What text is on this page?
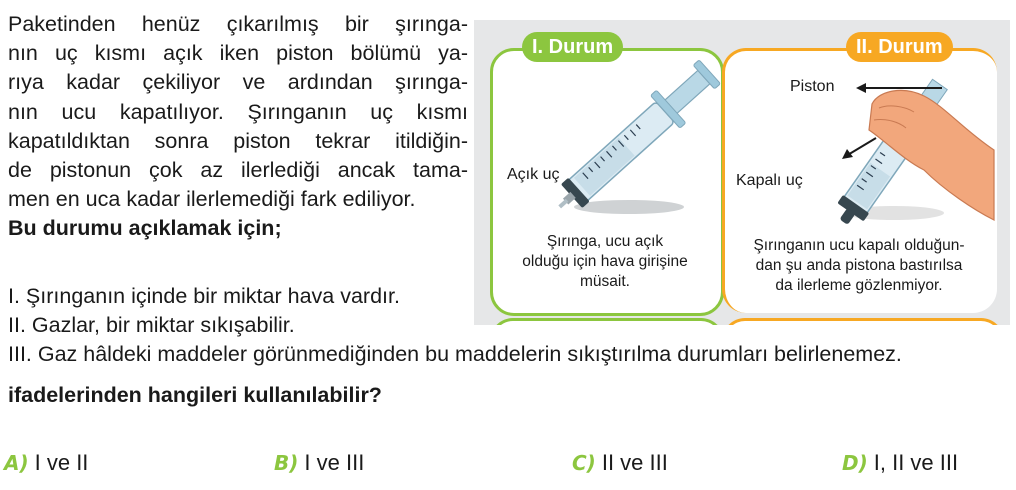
Paketinden henüz çıkarılmış bir şırınga-
nın uç kısmı açık iken piston bölümü ya-
rıya kadar çekiliyor ve ardından şırınga-
nın ucu kapatılıyor. Şırınganın uç kısmı
kapatıldıktan sonra piston tekrar itildiğin-
de pistonun çok az ilerlediği ancak tama-
men en uca kadar ilerlemediği fark ediliyor.
Bu durumu açıklamak için;
I. Şırınganın içinde bir miktar hava vardır.
II. Gazlar, bir miktar sıkışabilir.
III. Gaz hâldeki maddeler görünmediğinden bu maddelerin sıkıştırılma durumları belirlenemez.
ifadelerinden hangileri kullanılabilir?
A) I ve II	B) I ve III	C) II ve III	D) I, II ve III
I. Durum	II. Durum
Açık uç
Piston
Kapalı uç
Şırınga, ucu açık
olduğu için hava girişine
müsait.
Şırınganın ucu kapalı olduğun-
dan şu anda pistona bastırılsa
da ilerleme gözlenmiyor.
